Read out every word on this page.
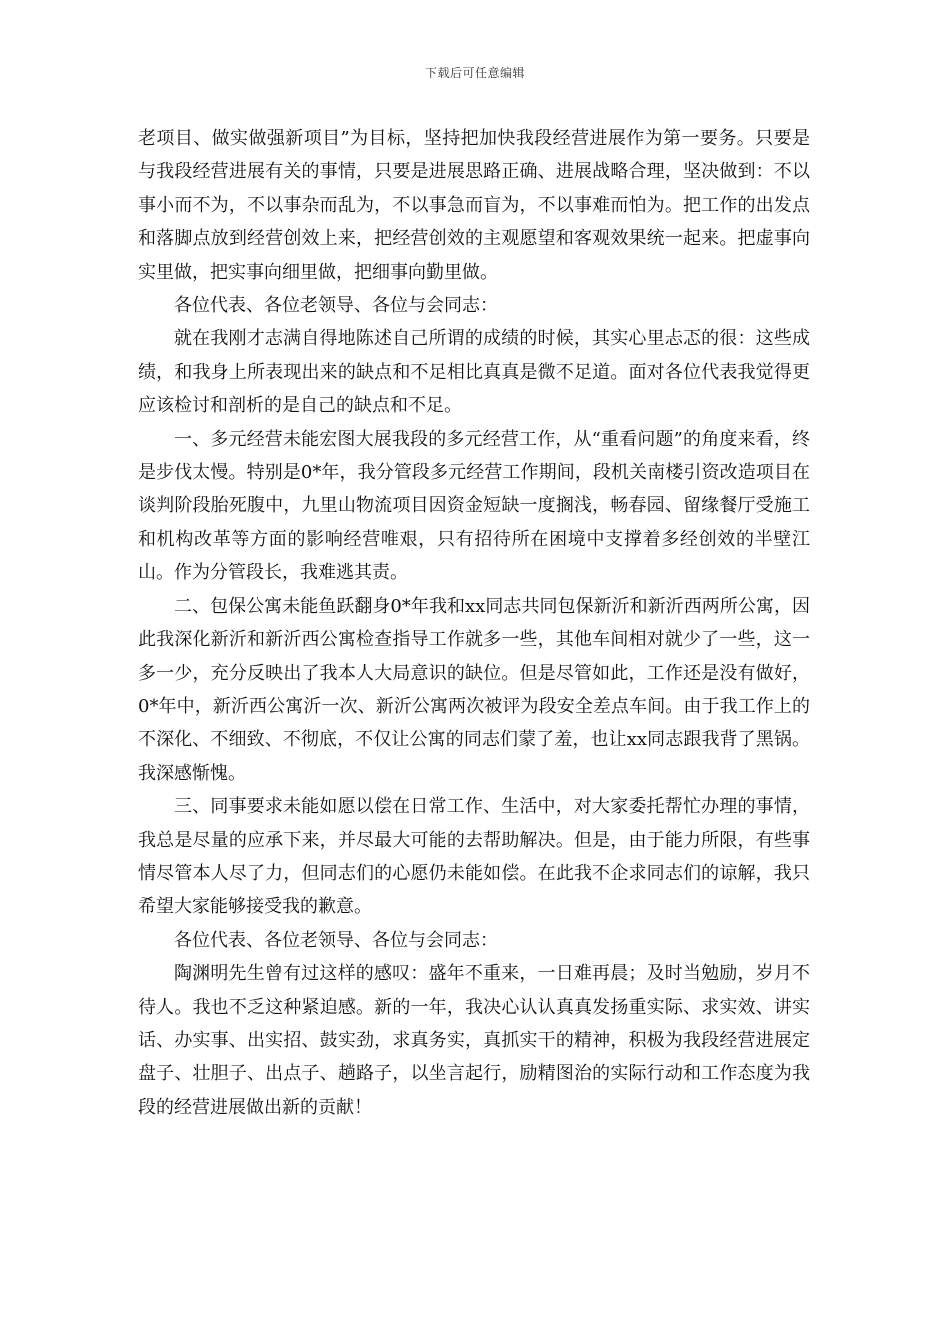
下载后可任意编辑

老项目、做实做强新项目”为目标，坚持把加快我段经营进展作为第一要务。只要是与我段经营进展有关的事情，只要是进展思路正确、进展战略合理，坚决做到：不以事小而不为，不以事杂而乱为，不以事急而盲为，不以事难而怕为。把工作的出发点和落脚点放到经营创效上来，把经营创效的主观愿望和客观效果统一起来。把虚事向实里做，把实事向细里做，把细事向勤里做。

各位代表、各位老领导、各位与会同志：

就在我刚才志满自得地陈述自己所谓的成绩的时候，其实心里忐忑的很：这些成绩，和我身上所表现出来的缺点和不足相比真真是微不足道。面对各位代表我觉得更应该检讨和剖析的是自己的缺点和不足。

一、多元经营未能宏图大展我段的多元经营工作，从“重看问题”的角度来看，终是步伐太慢。特别是0*年，我分管段多元经营工作期间，段机关南楼引资改造项目在谈判阶段胎死腹中，九里山物流项目因资金短缺一度搁浅，畅春园、留缘餐厅受施工和机构改革等方面的影响经营唯艰，只有招待所在困境中支撑着多经创效的半壁江山。作为分管段长，我难逃其责。

二、包保公寓未能鱼跃翻身0*年我和xx同志共同包保新沂和新沂西两所公寓，因此我深化新沂和新沂西公寓检查指导工作就多一些，其他车间相对就少了一些，这一多一少，充分反映出了我本人大局意识的缺位。但是尽管如此，工作还是没有做好，0*年中，新沂西公寓沂一次、新沂公寓两次被评为段安全差点车间。由于我工作上的不深化、不细致、不彻底，不仅让公寓的同志们蒙了羞，也让xx同志跟我背了黑锅。我深感惭愧。

三、同事要求未能如愿以偿在日常工作、生活中，对大家委托帮忙办理的事情，我总是尽量的应承下来，并尽最大可能的去帮助解决。但是，由于能力所限，有些事情尽管本人尽了力，但同志们的心愿仍未能如偿。在此我不企求同志们的谅解，我只希望大家能够接受我的歉意。

各位代表、各位老领导、各位与会同志：

陶渊明先生曾有过这样的感叹：盛年不重来，一日难再晨；及时当勉励，岁月不待人。我也不乏这种紧迫感。新的一年，我决心认认真真发扬重实际、求实效、讲实话、办实事、出实招、鼓实劲，求真务实，真抓实干的精神，积极为我段经营进展定盘子、壮胆子、出点子、趟路子，以坐言起行，励精图治的实际行动和工作态度为我段的经营进展做出新的贡献！
